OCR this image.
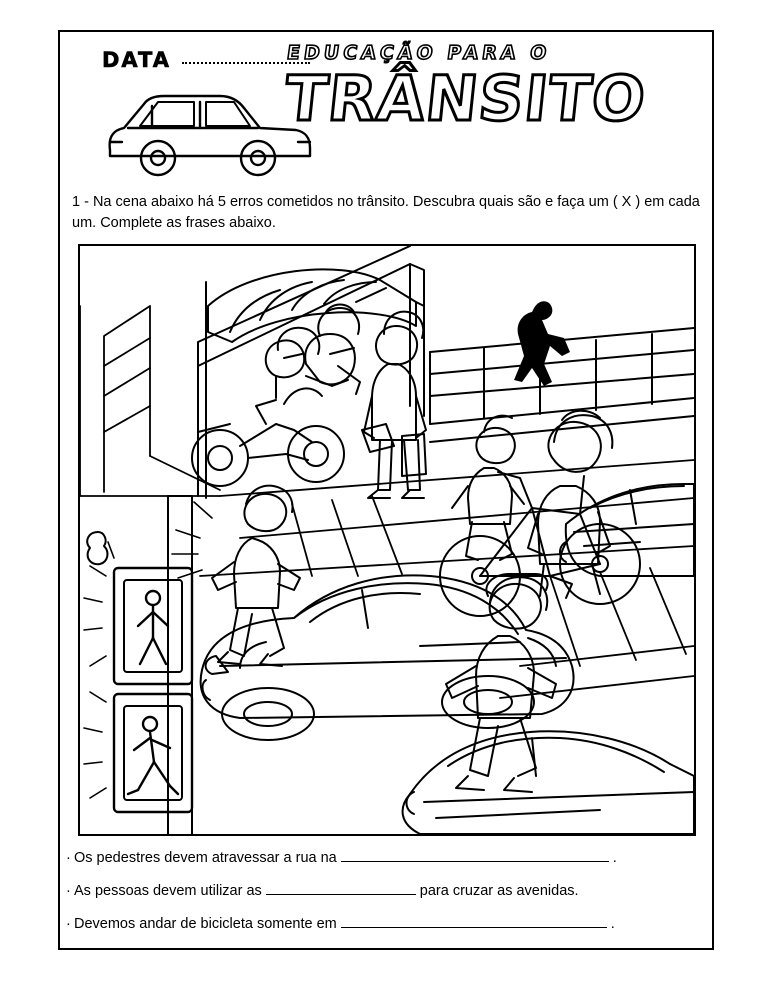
DATA	EDUCAÇÃO PARA O
TRÂNSITO
1 - Na cena abaixo há 5 erros cometidos no trânsito. Descubra quais são e faça um ( X ) em cada um. Complete as frases abaixo.
· Os pedestres devem atravessar a rua na	.
· As pessoas devem utilizar as	para cruzar as avenidas.
· Devemos andar de bicicleta somente em	.
